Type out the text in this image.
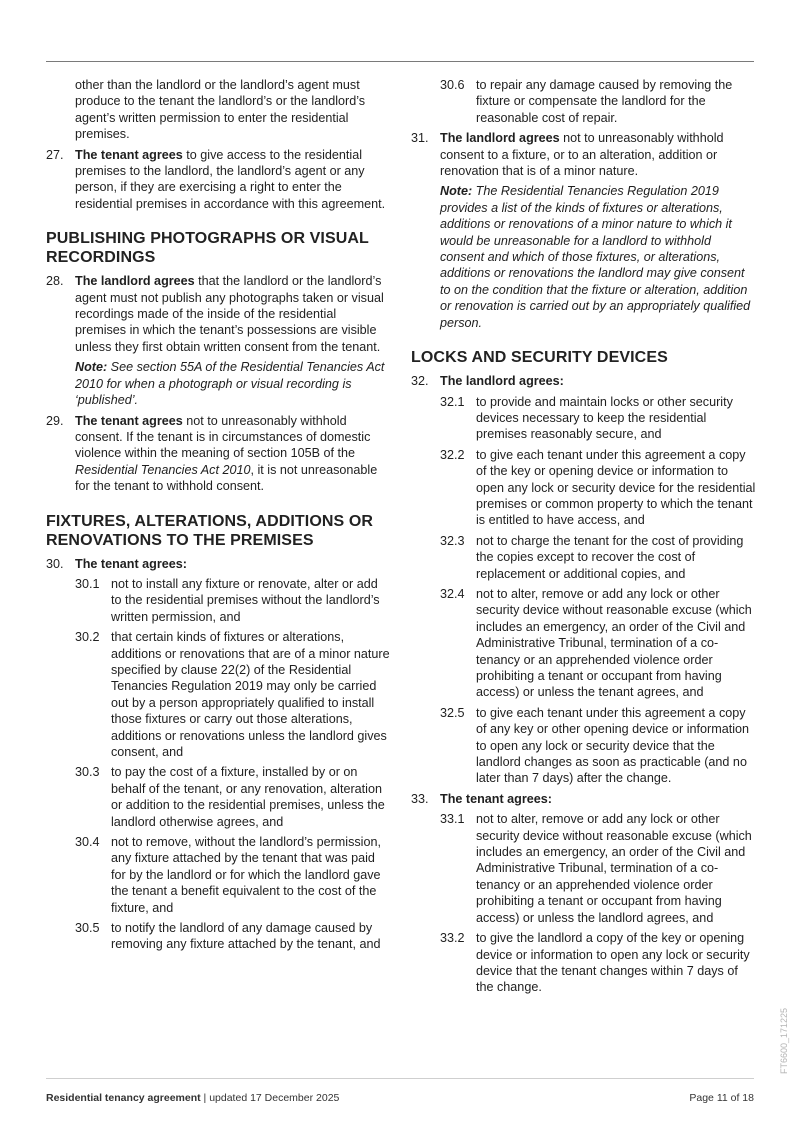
other than the landlord or the landlord’s agent must produce to the tenant the landlord’s or the landlord’s agent’s written permission to enter the residential premises.

27. The tenant agrees to give access to the residential premises to the landlord, the landlord’s agent or any person, if they are exercising a right to enter the residential premises in accordance with this agreement.
PUBLISHING PHOTOGRAPHS OR VISUAL RECORDINGS
28. The landlord agrees that the landlord or the landlord’s agent must not publish any photographs taken or visual recordings made of the inside of the residential premises in which the tenant’s possessions are visible unless they first obtain written consent from the tenant.

Note: See section 55A of the Residential Tenancies Act 2010 for when a photograph or visual recording is ‘published’.

29. The tenant agrees not to unreasonably withhold consent. If the tenant is in circumstances of domestic violence within the meaning of section 105B of the Residential Tenancies Act 2010, it is not unreasonable for the tenant to withhold consent.
FIXTURES, ALTERATIONS, ADDITIONS OR RENOVATIONS TO THE PREMISES
30. The tenant agrees:
30.1 not to install any fixture or renovate, alter or add to the residential premises without the landlord’s written permission, and
30.2 that certain kinds of fixtures or alterations, additions or renovations that are of a minor nature specified by clause 22(2) of the Residential Tenancies Regulation 2019 may only be carried out by a person appropriately qualified to install those fixtures or carry out those alterations, additions or renovations unless the landlord gives consent, and
30.3 to pay the cost of a fixture, installed by or on behalf of the tenant, or any renovation, alteration or addition to the residential premises, unless the landlord otherwise agrees, and
30.4 not to remove, without the landlord’s permission, any fixture attached by the tenant that was paid for by the landlord or for which the landlord gave the tenant a benefit equivalent to the cost of the fixture, and
30.5 to notify the landlord of any damage caused by removing any fixture attached by the tenant, and
30.6 to repair any damage caused by removing the fixture or compensate the landlord for the reasonable cost of repair.
31. The landlord agrees not to unreasonably withhold consent to a fixture, or to an alteration, addition or renovation that is of a minor nature.

Note: The Residential Tenancies Regulation 2019 provides a list of the kinds of fixtures or alterations, additions or renovations of a minor nature to which it would be unreasonable for a landlord to withhold consent and which of those fixtures, or alterations, additions or renovations the landlord may give consent to on the condition that the fixture or alteration, addition or renovation is carried out by an appropriately qualified person.

LOCKS AND SECURITY DEVICES
32. The landlord agrees:
32.1 to provide and maintain locks or other security devices necessary to keep the residential premises reasonably secure, and
32.2 to give each tenant under this agreement a copy of the key or opening device or information to open any lock or security device for the residential premises or common property to which the tenant is entitled to have access, and
32.3 not to charge the tenant for the cost of providing the copies except to recover the cost of replacement or additional copies, and
32.4 not to alter, remove or add any lock or other security device without reasonable excuse (which includes an emergency, an order of the Civil and Administrative Tribunal, termination of a co-tenancy or an apprehended violence order prohibiting a tenant or occupant from having access) or unless the tenant agrees, and
32.5 to give each tenant under this agreement a copy of any key or other opening device or information to open any lock or security device that the landlord changes as soon as practicable (and no later than 7 days) after the change.
33. The tenant agrees:
33.1 not to alter, remove or add any lock or other security device without reasonable excuse (which includes an emergency, an order of the Civil and Administrative Tribunal, termination of a co-tenancy or an apprehended violence order prohibiting a tenant or occupant from having access) or unless the landlord agrees, and
33.2 to give the landlord a copy of the key or opening device or information to open any lock or security device that the tenant changes within 7 days of the change.
FT6600_171225
Residential tenancy agreement | updated 17 December 2025	Page 11 of 18
